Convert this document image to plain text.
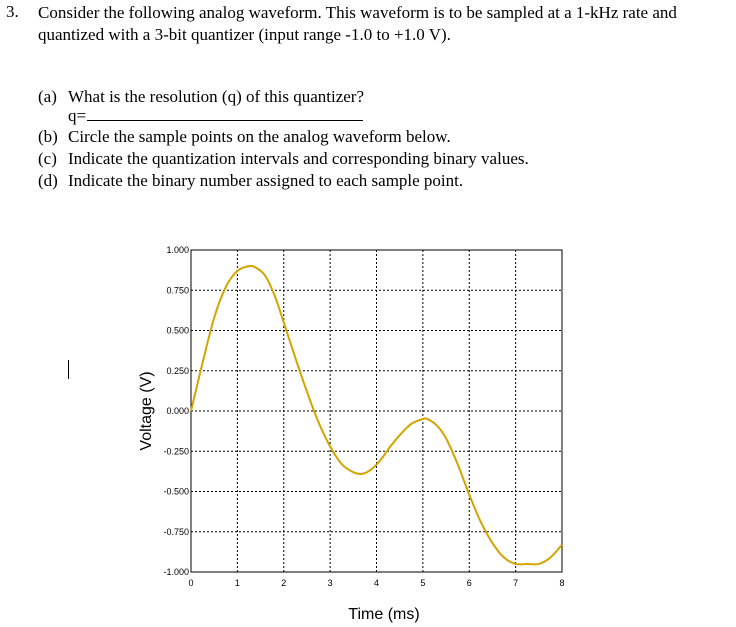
3. Consider the following analog waveform. This waveform is to be sampled at a 1-kHz rate and
quantized with a 3-bit quantizer (input range -1.0 to +1.0 V).
(a) What is the resolution (q) of this quantizer?
q=
(b) Circle the sample points on the analog waveform below.
(c) Indicate the quantization intervals and corresponding binary values.
(d) Indicate the binary number assigned to each sample point.
1.000
0.750
0.500
0.250
0.000
-0.250
-0.500
-0.750
-1.000
0	1	2	3	4	5	6	7	8
Time (ms)
Voltage (V)
